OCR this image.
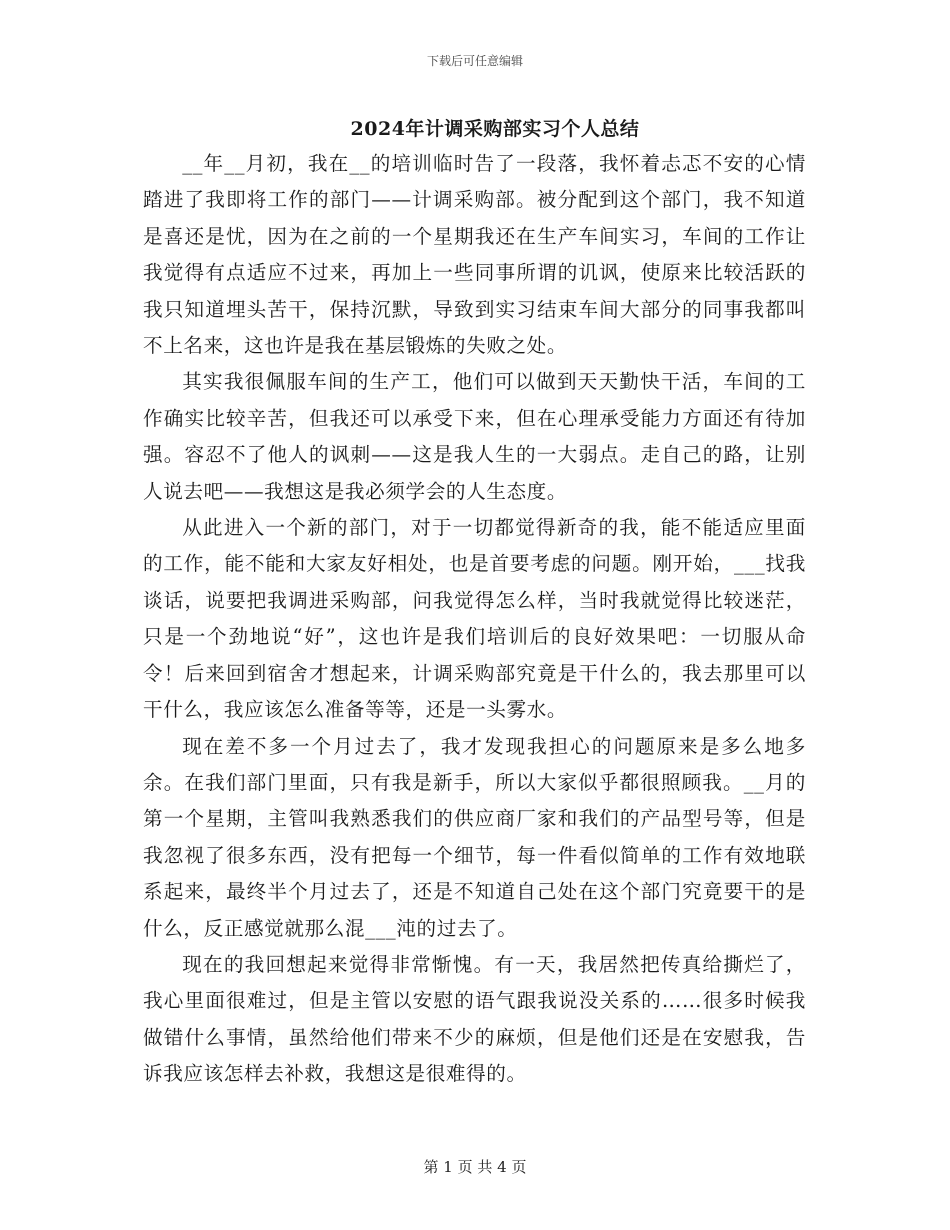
下载后可任意编辑
2024年计调采购部实习个人总结

__年__月初，我在__的培训临时告了一段落，我怀着忐忑不安的心情踏进了我即将工作的部门——计调采购部。被分配到这个部门，我不知道是喜还是忧，因为在之前的一个星期我还在生产车间实习，车间的工作让我觉得有点适应不过来，再加上一些同事所谓的讥讽，使原来比较活跃的我只知道埋头苦干，保持沉默，导致到实习结束车间大部分的同事我都叫不上名来，这也许是我在基层锻炼的失败之处。

其实我很佩服车间的生产工，他们可以做到天天勤快干活，车间的工作确实比较辛苦，但我还可以承受下来，但在心理承受能力方面还有待加强。容忍不了他人的讽刺——这是我人生的一大弱点。走自己的路，让别人说去吧——我想这是我必须学会的人生态度。

从此进入一个新的部门，对于一切都觉得新奇的我，能不能适应里面的工作，能不能和大家友好相处，也是首要考虑的问题。刚开始，___找我谈话，说要把我调进采购部，问我觉得怎么样，当时我就觉得比较迷茫，只是一个劲地说“好”，这也许是我们培训后的良好效果吧：一切服从命令！后来回到宿舍才想起来，计调采购部究竟是干什么的，我去那里可以干什么，我应该怎么准备等等，还是一头雾水。

现在差不多一个月过去了，我才发现我担心的问题原来是多么地多余。在我们部门里面，只有我是新手，所以大家似乎都很照顾我。__月的第一个星期，主管叫我熟悉我们的供应商厂家和我们的产品型号等，但是我忽视了很多东西，没有把每一个细节，每一件看似简单的工作有效地联系起来，最终半个月过去了，还是不知道自己处在这个部门究竟要干的是什么，反正感觉就那么混___沌的过去了。

现在的我回想起来觉得非常惭愧。有一天，我居然把传真给撕烂了，我心里面很难过，但是主管以安慰的语气跟我说没关系的……很多时候我做错什么事情，虽然给他们带来不少的麻烦，但是他们还是在安慰我，告诉我应该怎样去补救，我想这是很难得的。

第 1 页 共 4 页
